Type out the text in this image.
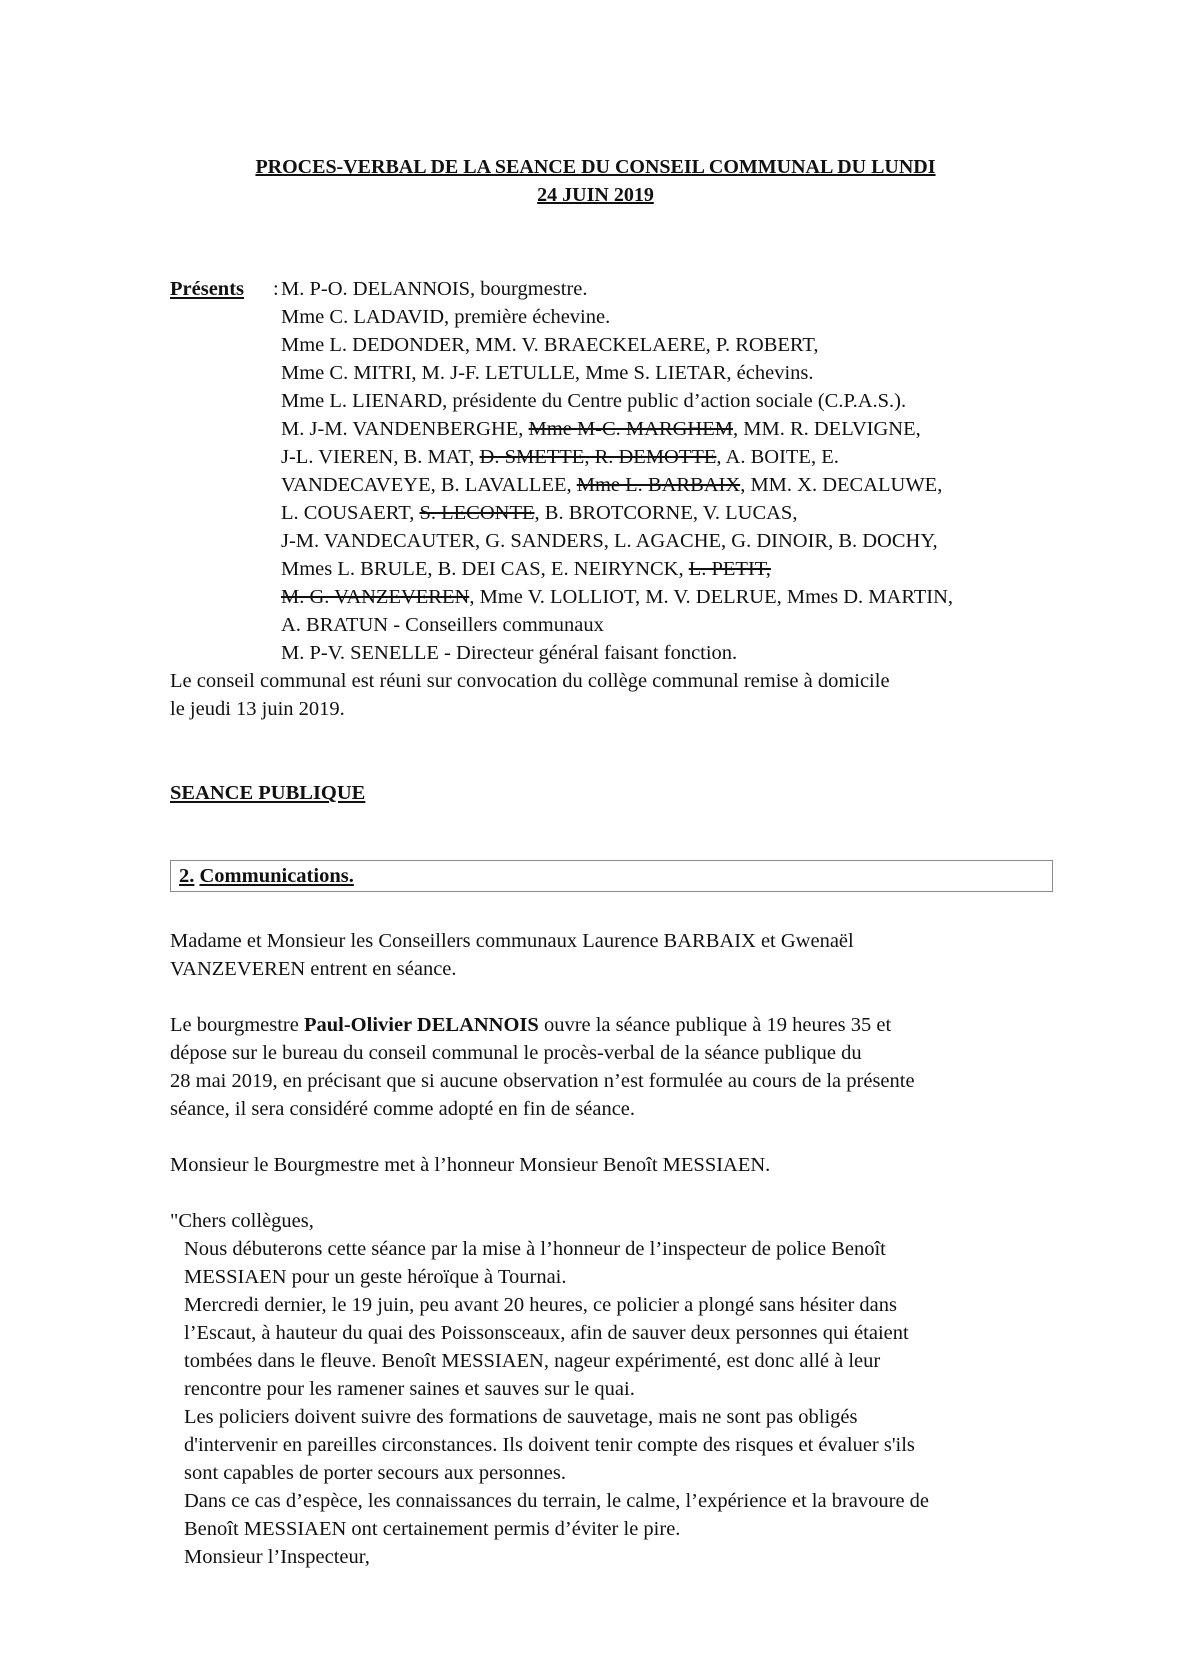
PROCES-VERBAL DE LA SEANCE DU CONSEIL COMMUNAL DU LUNDI
24 JUIN 2019
Présents : M. P-O. DELANNOIS, bourgmestre.
Mme C. LADAVID, première échevine.
Mme L. DEDONDER, MM. V. BRAECKELAERE, P. ROBERT,
Mme C. MITRI, M. J-F. LETULLE, Mme S. LIETAR, échevins.
Mme L. LIENARD, présidente du Centre public d’action sociale (C.P.A.S.).
M. J-M. VANDENBERGHE, Mme M-C. MARGHEM, MM. R. DELVIGNE,
J-L. VIEREN, B. MAT, D. SMETTE, R. DEMOTTE, A. BOITE, E.
VANDECAVEYE, B. LAVALLEE, Mme L. BARBAIX, MM. X. DECALUWE,
L. COUSAERT, S. LECONTE, B. BROTCORNE, V. LUCAS,
J-M. VANDECAUTER, G. SANDERS, L. AGACHE, G. DINOIR, B. DOCHY,
Mmes L. BRULE, B. DEI CAS, E. NEIRYNCK, L. PETIT,
M. G. VANZEVEREN, Mme V. LOLLIOT, M. V. DELRUE, Mmes D. MARTIN,
A. BRATUN - Conseillers communaux
M. P-V. SENELLE - Directeur général faisant fonction.
Le conseil communal est réuni sur convocation du collège communal remise à domicile
le jeudi 13 juin 2019.
SEANCE PUBLIQUE
2. Communications.
Madame et Monsieur les Conseillers communaux Laurence BARBAIX et Gwenaël
VANZEVEREN entrent en séance.
Le bourgmestre Paul-Olivier DELANNOIS ouvre la séance publique à 19 heures 35 et
dépose sur le bureau du conseil communal le procès-verbal de la séance publique du
28 mai 2019, en précisant que si aucune observation n’est formulée au cours de la présente
séance, il sera considéré comme adopté en fin de séance.
Monsieur le Bourgmestre met à l’honneur Monsieur Benoît MESSIAEN.
"Chers collègues,
Nous débuterons cette séance par la mise à l’honneur de l’inspecteur de police Benoît
MESSIAEN pour un geste héroïque à Tournai.
Mercredi dernier, le 19 juin, peu avant 20 heures, ce policier a plongé sans hésiter dans
l’Escaut, à hauteur du quai des Poissonsceaux, afin de sauver deux personnes qui étaient
tombées dans le fleuve. Benoît MESSIAEN, nageur expérimenté, est donc allé à leur
rencontre pour les ramener saines et sauves sur le quai.
Les policiers doivent suivre des formations de sauvetage, mais ne sont pas obligés
d'intervenir en pareilles circonstances. Ils doivent tenir compte des risques et évaluer s'ils
sont capables de porter secours aux personnes.
Dans ce cas d’espèce, les connaissances du terrain, le calme, l’expérience et la bravoure de
Benoît MESSIAEN ont certainement permis d’éviter le pire.
Monsieur l’Inspecteur,
